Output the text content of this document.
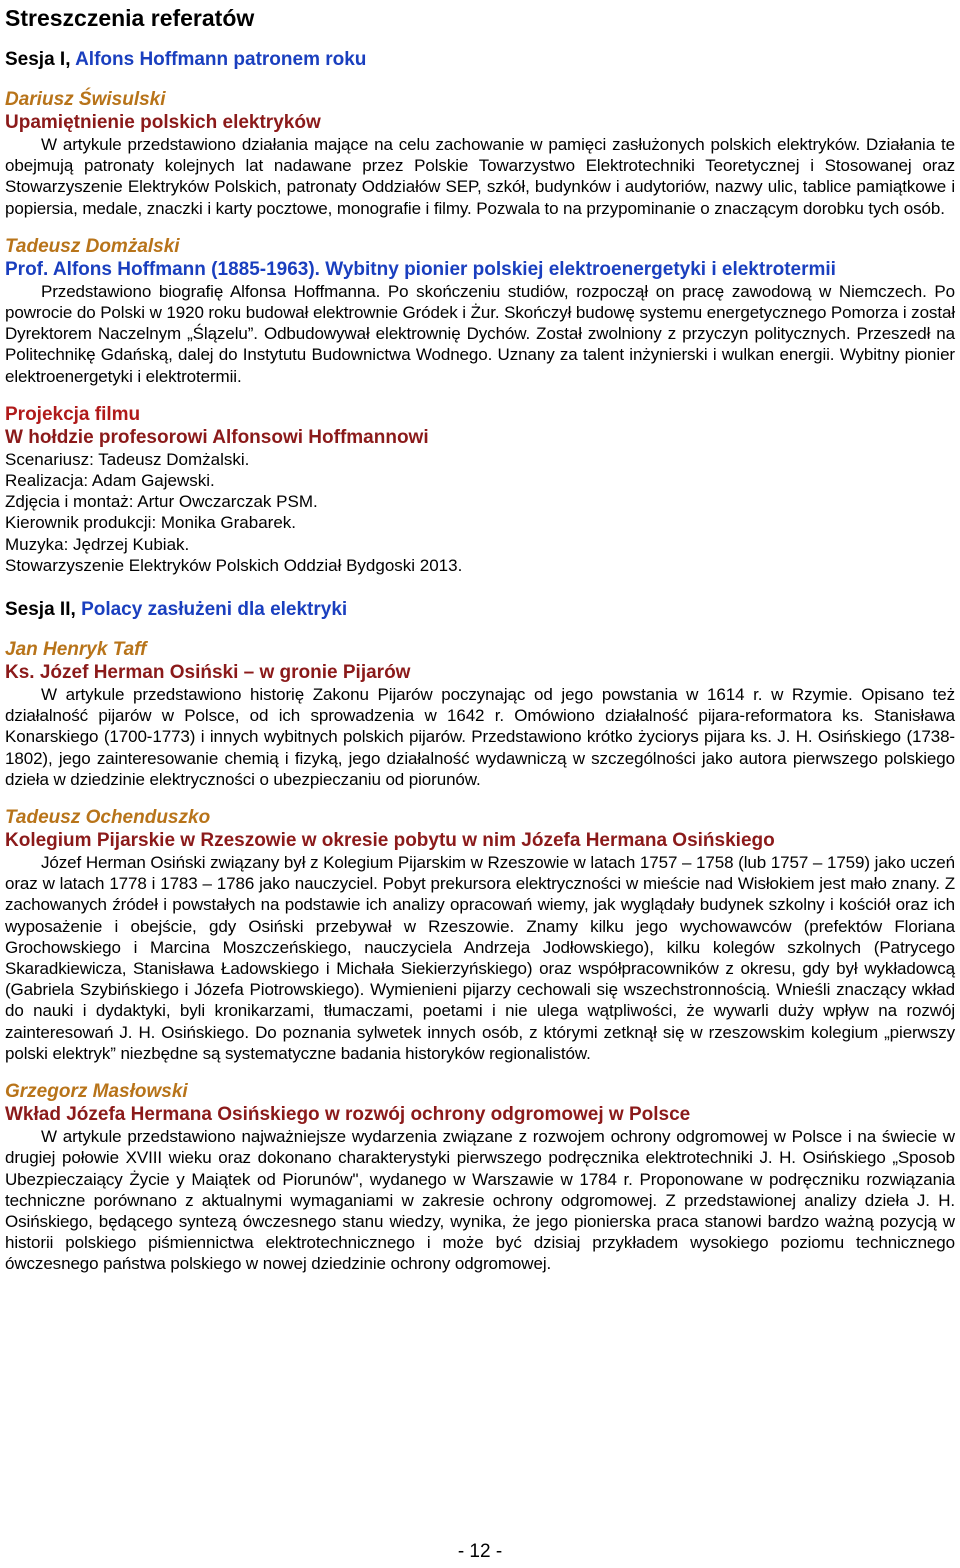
Streszczenia referatów
Sesja I, Alfons Hoffmann patronem roku
Dariusz Świsulski
Upamiętnienie polskich elektryków

W artykule przedstawiono działania mające na celu zachowanie w pamięci zasłużonych polskich elektryków. Działania te obejmują patronaty kolejnych lat nadawane przez Polskie Towarzystwo Elektrotechniki Teoretycznej i Stosowanej oraz Stowarzyszenie Elektryków Polskich, patronaty Oddziałów SEP, szkół, budynków i audytoriów, nazwy ulic, tablice pamiątkowe i popiersia, medale, znaczki i karty pocztowe, monografie i filmy. Pozwala to na przypominanie o znaczącym dorobku tych osób.

Tadeusz Domżalski
Prof. Alfons Hoffmann (1885-1963). Wybitny pionier polskiej elektroenergetyki i elektrotermii

Przedstawiono biografię Alfonsa Hoffmanna. Po skończeniu studiów, rozpoczął on pracę zawodową w Niemczech. Po powrocie do Polski w 1920 roku budował elektrownie Gródek i Żur. Skończył budowę systemu energetycznego Pomorza i został Dyrektorem Naczelnym „Ślązelu”. Odbudowywał elektrownię Dychów. Został zwolniony z przyczyn politycznych. Przeszedł na Politechnikę Gdańską, dalej do Instytutu Budownictwa Wodnego. Uznany za talent inżynierski i wulkan energii. Wybitny pionier elektroenergetyki i elektrotermii.

Projekcja filmu
W hołdzie profesorowi Alfonsowi Hoffmannowi
Scenariusz: Tadeusz Domżalski.
Realizacja: Adam Gajewski.
Zdjęcia i montaż: Artur Owczarczak PSM.
Kierownik produkcji: Monika Grabarek.
Muzyka: Jędrzej Kubiak.
Stowarzyszenie Elektryków Polskich Oddział Bydgoski 2013.
Sesja II, Polacy zasłużeni dla elektryki
Jan Henryk Taff
Ks. Józef Herman Osiński – w gronie Pijarów

W artykule przedstawiono historię Zakonu Pijarów poczynając od jego powstania w 1614 r. w Rzymie. Opisano też działalność pijarów w Polsce, od ich sprowadzenia w 1642 r. Omówiono działalność pijara-reformatora ks. Stanisława Konarskiego (1700-1773) i innych wybitnych polskich pijarów. Przedstawiono krótko życiorys pijara ks. J. H. Osińskiego (1738-1802), jego zainteresowanie chemią i fizyką, jego działalność wydawniczą w szczególności jako autora pierwszego polskiego dzieła w dziedzinie elektryczności o ubezpieczaniu od piorunów.

Tadeusz Ochenduszko
Kolegium Pijarskie w Rzeszowie w okresie pobytu w nim Józefa Hermana Osińskiego

Józef Herman Osiński związany był z Kolegium Pijarskim w Rzeszowie w latach 1757 – 1758 (lub 1757 – 1759) jako uczeń oraz w latach 1778 i 1783 – 1786 jako nauczyciel. Pobyt prekursora elektryczności w mieście nad Wisłokiem jest mało znany. Z zachowanych źródeł i powstałych na podstawie ich analizy opracowań wiemy, jak wyglądały budynek szkolny i kościół oraz ich wyposażenie i obejście, gdy Osiński przebywał w Rzeszowie. Znamy kilku jego wychowawców (prefektów Floriana Grochowskiego i Marcina Moszczeńskiego, nauczyciela Andrzeja Jodłowskiego), kilku kolegów szkolnych (Patrycego Skaradkiewicza, Stanisława Ładowskiego i Michała Siekierzyńskiego) oraz współpracowników z okresu, gdy był wykładowcą (Gabriela Szybińskiego i Józefa Piotrowskiego). Wymienieni pijarzy cechowali się wszechstronnością. Wnieśli znaczący wkład do nauki i dydaktyki, byli kronikarzami, tłumaczami, poetami i nie ulega wątpliwości, że wywarli duży wpływ na rozwój zainteresowań J. H. Osińskiego. Do poznania sylwetek innych osób, z którymi zetknął się w rzeszowskim kolegium „pierwszy polski elektryk” niezbędne są systematyczne badania historyków regionalistów.

Grzegorz Masłowski
Wkład Józefa Hermana Osińskiego w rozwój ochrony odgromowej w Polsce

W artykule przedstawiono najważniejsze wydarzenia związane z rozwojem ochrony odgromowej w Polsce i na świecie w drugiej połowie XVIII wieku oraz dokonano charakterystyki pierwszego podręcznika elektrotechniki J. H. Osińskiego „Sposob Ubezpieczaiący Życie y Maiątek od Piorunów", wydanego w Warszawie w 1784 r. Proponowane w podręczniku rozwiązania techniczne porównano z aktualnymi wymaganiami w zakresie ochrony odgromowej. Z przedstawionej analizy dzieła J. H. Osińskiego, będącego syntezą ówczesnego stanu wiedzy, wynika, że jego pionierska praca stanowi bardzo ważną pozycją w historii polskiego piśmiennictwa elektrotechnicznego i może być dzisiaj przykładem wysokiego poziomu technicznego ówczesnego państwa polskiego w nowej dziedzinie ochrony odgromowej.

- 12 -
